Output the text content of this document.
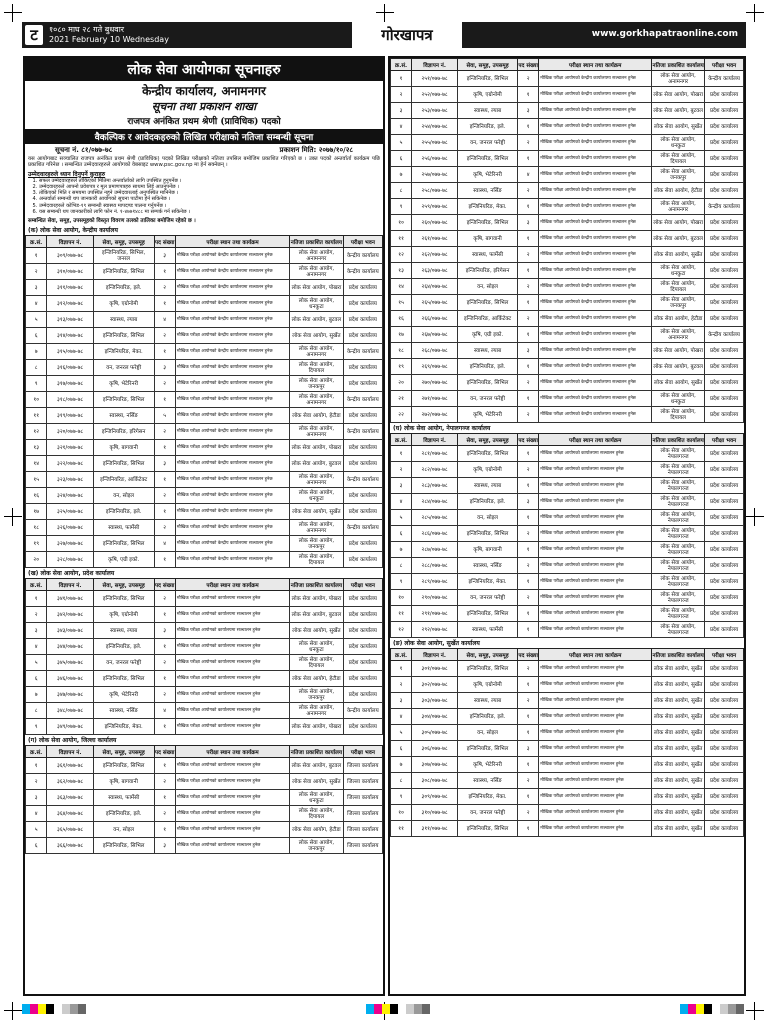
ट	१०८० माघ २८ गते बुधवार
2021 February 10 Wednesday	गोरखापत्र	www.gorkhapatraonline.com
लोक सेवा आयोगका सूचनाहरु
केन्द्रीय कार्यालय, अनामनगर
सूचना तथा प्रकाशन शाखा
राजपत्र अनंकित प्रथम श्रेणी (प्राविधिक) पदको
वैकल्पिक र आवेदकहरुको लिखित परीक्षाको नतिजा सम्बन्धी सूचना
सूचना नं. ८१/०७७-७८	प्रकाशन मिति: २०७७/१०/२८

यस आयोगबाट सञ्चालित राजपत्र अनंकित प्रथम श्रेणी (प्राविधिक) पदको लिखित परीक्षाको नतिजा तपसिल बमोजिम प्रकाशित गरिएको छ । उक्त पदको अन्तर्वार्ता कार्यक्रम पछि प्रकाशित गरिनेछ । सम्बन्धित उम्मेदवारहरुले आयोगको वेबसाइट www.psc.gov.np मा हेर्न सक्नेछन् ।

उम्मेदवारहरुले ध्यान दिनुपर्ने कुराहरु
1. सफल उम्मेदवारहरुले तोकिएको मितिमा अन्तर्वार्ताको लागि उपस्थित हुनुपर्नेछ ।
2. उम्मेदवारहरुले आफ्नो प्रवेशपत्र र मूल प्रमाणपत्रहरु साथमा लिई आउनुपर्नेछ ।
3. तोकिएको मिति र समयमा उपस्थित नहुने उम्मेदवारलाई अनुपस्थित मानिनेछ ।
4. अन्तर्वार्ता सम्बन्धी थप जानकारी आयोगको सूचना पाटीमा हेर्न सकिनेछ ।
5. उम्मेदवारहरुले कोभिड-१९ सम्बन्धी स्वास्थ्य मापदण्ड पालना गर्नुपर्नेछ ।
6. यस सम्बन्धी थप जानकारीको लागि फोन नं. १-४७७१४८८ मा सम्पर्क गर्न सकिनेछ ।
सम्बन्धित सेवा, समूह, उपसमूहको विस्तृत विवरण तलको तालिका बमोजिम रहेको छ ।
(क) लोक सेवा आयोग, केन्द्रीय कार्यालय
क्र.सं.	विज्ञापन नं.	सेवा, समूह, उपसमूह	पद संख्या	परीक्षा स्थान तथा कार्यक्रम	नतिजा प्रकाशित कार्यालय	परीक्षा भवन
१	३०९/०७७-७८	इन्जिनियरिङ, सिभिल, जनरल	३	मौखिक परीक्षा आयोगको केन्द्रीय कार्यालयमा सञ्चालन हुनेछ	लोक सेवा आयोग, अनामनगर	केन्द्रीय कार्यालय
२	३१०/०७७-७८	इन्जिनियरिङ, सिभिल	१	मौखिक परीक्षा आयोगको केन्द्रीय कार्यालयमा सञ्चालन हुनेछ	लोक सेवा आयोग, अनामनगर	केन्द्रीय कार्यालय
३	३११/०७७-७८	इन्जिनियरिङ, इले.	२	मौखिक परीक्षा आयोगको केन्द्रीय कार्यालयमा सञ्चालन हुनेछ	लोक सेवा आयोग, पोखरा	प्रदेश कार्यालय
४	३१२/०७७-७८	कृषि, एग्रोनोमी	१	मौखिक परीक्षा आयोगको केन्द्रीय कार्यालयमा सञ्चालन हुनेछ	लोक सेवा आयोग, धनकुटा	प्रदेश कार्यालय
५	३१३/०७७-७८	स्वास्थ्य, ल्याब	४	मौखिक परीक्षा आयोगको केन्द्रीय कार्यालयमा सञ्चालन हुनेछ	लोक सेवा आयोग, बुटवल	प्रदेश कार्यालय
६	३१४/०७७-७८	इन्जिनियरिङ, सिभिल	२	मौखिक परीक्षा आयोगको केन्द्रीय कार्यालयमा सञ्चालन हुनेछ	लोक सेवा आयोग, सुर्खेत	प्रदेश कार्यालय
७	३१५/०७७-७८	इन्जिनियरिङ, मेका.	१	मौखिक परीक्षा आयोगको केन्द्रीय कार्यालयमा सञ्चालन हुनेछ	लोक सेवा आयोग, अनामनगर	केन्द्रीय कार्यालय
८	३१६/०७७-७८	वन, जनरल फरेष्ट्री	३	मौखिक परीक्षा आयोगको केन्द्रीय कार्यालयमा सञ्चालन हुनेछ	लोक सेवा आयोग, दिपायल	प्रदेश कार्यालय
९	३१७/०७७-७८	कृषि, भेटेरिनरी	२	मौखिक परीक्षा आयोगको केन्द्रीय कार्यालयमा सञ्चालन हुनेछ	लोक सेवा आयोग, जनकपुर	प्रदेश कार्यालय
१०	३१८/०७७-७८	इन्जिनियरिङ, सिभिल	१	मौखिक परीक्षा आयोगको केन्द्रीय कार्यालयमा सञ्चालन हुनेछ	लोक सेवा आयोग, अनामनगर	केन्द्रीय कार्यालय
११	३१९/०७७-७८	स्वास्थ्य, नर्सिङ	५	मौखिक परीक्षा आयोगको केन्द्रीय कार्यालयमा सञ्चालन हुनेछ	लोक सेवा आयोग, हेटौडा	प्रदेश कार्यालय
१२	३२०/०७७-७८	इन्जिनियरिङ, इरिगेसन	२	मौखिक परीक्षा आयोगको केन्द्रीय कार्यालयमा सञ्चालन हुनेछ	लोक सेवा आयोग, अनामनगर	केन्द्रीय कार्यालय
१३	३२१/०७७-७८	कृषि, बागवानी	१	मौखिक परीक्षा आयोगको केन्द्रीय कार्यालयमा सञ्चालन हुनेछ	लोक सेवा आयोग, पोखरा	प्रदेश कार्यालय
१४	३२२/०७७-७८	इन्जिनियरिङ, सिभिल	३	मौखिक परीक्षा आयोगको केन्द्रीय कार्यालयमा सञ्चालन हुनेछ	लोक सेवा आयोग, बुटवल	प्रदेश कार्यालय
१५	३२३/०७७-७८	इन्जिनियरिङ, आर्किटेक्ट	१	मौखिक परीक्षा आयोगको केन्द्रीय कार्यालयमा सञ्चालन हुनेछ	लोक सेवा आयोग, अनामनगर	केन्द्रीय कार्यालय
१६	३२४/०७७-७८	वन, सोइल	२	मौखिक परीक्षा आयोगको केन्द्रीय कार्यालयमा सञ्चालन हुनेछ	लोक सेवा आयोग, धनकुटा	प्रदेश कार्यालय
१७	३२५/०७७-७८	इन्जिनियरिङ, इले.	१	मौखिक परीक्षा आयोगको केन्द्रीय कार्यालयमा सञ्चालन हुनेछ	लोक सेवा आयोग, सुर्खेत	प्रदेश कार्यालय
१८	३२६/०७७-७८	स्वास्थ्य, फार्मेसी	२	मौखिक परीक्षा आयोगको केन्द्रीय कार्यालयमा सञ्चालन हुनेछ	लोक सेवा आयोग, अनामनगर	केन्द्रीय कार्यालय
१९	३२७/०७७-७८	इन्जिनियरिङ, सिभिल	४	मौखिक परीक्षा आयोगको केन्द्रीय कार्यालयमा सञ्चालन हुनेछ	लोक सेवा आयोग, जनकपुर	प्रदेश कार्यालय
२०	३२८/०७७-७८	कृषि, एग्री इको.	१	मौखिक परीक्षा आयोगको केन्द्रीय कार्यालयमा सञ्चालन हुनेछ	लोक सेवा आयोग, दिपायल	प्रदेश कार्यालय
(ख) लोक सेवा आयोग, प्रदेश कार्यालय
क्र.सं.	विज्ञापन नं.	सेवा, समूह, उपसमूह	पद संख्या	परीक्षा स्थान तथा कार्यक्रम	नतिजा प्रकाशित कार्यालय	परीक्षा भवन
१	३४१/०७७-७८	इन्जिनियरिङ, सिभिल	२	मौखिक परीक्षा आयोगको कार्यालयमा सञ्चालन हुनेछ	लोक सेवा आयोग, पोखरा	प्रदेश कार्यालय
२	३४२/०७७-७८	कृषि, एग्रोनोमी	१	मौखिक परीक्षा आयोगको कार्यालयमा सञ्चालन हुनेछ	लोक सेवा आयोग, बुटवल	प्रदेश कार्यालय
३	३४३/०७७-७८	स्वास्थ्य, ल्याब	३	मौखिक परीक्षा आयोगको कार्यालयमा सञ्चालन हुनेछ	लोक सेवा आयोग, सुर्खेत	प्रदेश कार्यालय
४	३४४/०७७-७८	इन्जिनियरिङ, इले.	१	मौखिक परीक्षा आयोगको कार्यालयमा सञ्चालन हुनेछ	लोक सेवा आयोग, धनकुटा	प्रदेश कार्यालय
५	३४५/०७७-७८	वन, जनरल फरेष्ट्री	२	मौखिक परीक्षा आयोगको कार्यालयमा सञ्चालन हुनेछ	लोक सेवा आयोग, दिपायल	प्रदेश कार्यालय
६	३४६/०७७-७८	इन्जिनियरिङ, सिभिल	१	मौखिक परीक्षा आयोगको कार्यालयमा सञ्चालन हुनेछ	लोक सेवा आयोग, हेटौडा	प्रदेश कार्यालय
७	३४७/०७७-७८	कृषि, भेटेरिनरी	२	मौखिक परीक्षा आयोगको कार्यालयमा सञ्चालन हुनेछ	लोक सेवा आयोग, जनकपुर	प्रदेश कार्यालय
८	३४८/०७७-७८	स्वास्थ्य, नर्सिङ	४	मौखिक परीक्षा आयोगको कार्यालयमा सञ्चालन हुनेछ	लोक सेवा आयोग, अनामनगर	केन्द्रीय कार्यालय
९	३४९/०७७-७८	इन्जिनियरिङ, मेका.	१	मौखिक परीक्षा आयोगको कार्यालयमा सञ्चालन हुनेछ	लोक सेवा आयोग, पोखरा	प्रदेश कार्यालय
(ग) लोक सेवा आयोग, जिल्ला कार्यालय
क्र.सं.	विज्ञापन नं.	सेवा, समूह, उपसमूह	पद संख्या	परीक्षा स्थान तथा कार्यक्रम	नतिजा प्रकाशित कार्यालय	परीक्षा भवन
१	३६१/०७७-७८	इन्जिनियरिङ, सिभिल	१	मौखिक परीक्षा आयोगको कार्यालयमा सञ्चालन हुनेछ	लोक सेवा आयोग, बुटवल	जिल्ला कार्यालय
२	३६२/०७७-७८	कृषि, बागवानी	२	मौखिक परीक्षा आयोगको कार्यालयमा सञ्चालन हुनेछ	लोक सेवा आयोग, सुर्खेत	जिल्ला कार्यालय
३	३६३/०७७-७८	स्वास्थ्य, फार्मेसी	१	मौखिक परीक्षा आयोगको कार्यालयमा सञ्चालन हुनेछ	लोक सेवा आयोग, धनकुटा	जिल्ला कार्यालय
४	३६४/०७७-७८	इन्जिनियरिङ, इले.	२	मौखिक परीक्षा आयोगको कार्यालयमा सञ्चालन हुनेछ	लोक सेवा आयोग, दिपायल	जिल्ला कार्यालय
५	३६५/०७७-७८	वन, सोइल	१	मौखिक परीक्षा आयोगको कार्यालयमा सञ्चालन हुनेछ	लोक सेवा आयोग, हेटौडा	जिल्ला कार्यालय
६	३६६/०७७-७८	इन्जिनियरिङ, सिभिल	३	मौखिक परीक्षा आयोगको कार्यालयमा सञ्चालन हुनेछ	लोक सेवा आयोग, जनकपुर	जिल्ला कार्यालय
क्र.सं.	विज्ञापन नं.	सेवा, समूह, उपसमूह	पद संख्या	परीक्षा स्थान तथा कार्यक्रम	नतिजा प्रकाशित कार्यालय	परीक्षा भवन
१	२५१/०७७-७८	इन्जिनियरिङ, सिभिल	२	मौखिक परीक्षा आयोगको केन्द्रीय कार्यालयमा सञ्चालन हुनेछ	लोक सेवा आयोग, अनामनगर	केन्द्रीय कार्यालय
२	२५२/०७७-७८	कृषि, एग्रोनोमी	१	मौखिक परीक्षा आयोगको केन्द्रीय कार्यालयमा सञ्चालन हुनेछ	लोक सेवा आयोग, पोखरा	प्रदेश कार्यालय
३	२५३/०७७-७८	स्वास्थ्य, ल्याब	३	मौखिक परीक्षा आयोगको केन्द्रीय कार्यालयमा सञ्चालन हुनेछ	लोक सेवा आयोग, बुटवल	प्रदेश कार्यालय
४	२५४/०७७-७८	इन्जिनियरिङ, इले.	१	मौखिक परीक्षा आयोगको केन्द्रीय कार्यालयमा सञ्चालन हुनेछ	लोक सेवा आयोग, सुर्खेत	प्रदेश कार्यालय
५	२५५/०७७-७८	वन, जनरल फरेष्ट्री	२	मौखिक परीक्षा आयोगको केन्द्रीय कार्यालयमा सञ्चालन हुनेछ	लोक सेवा आयोग, धनकुटा	प्रदेश कार्यालय
६	२५६/०७७-७८	इन्जिनियरिङ, सिभिल	१	मौखिक परीक्षा आयोगको केन्द्रीय कार्यालयमा सञ्चालन हुनेछ	लोक सेवा आयोग, दिपायल	प्रदेश कार्यालय
७	२५७/०७७-७८	कृषि, भेटेरिनरी	४	मौखिक परीक्षा आयोगको केन्द्रीय कार्यालयमा सञ्चालन हुनेछ	लोक सेवा आयोग, जनकपुर	प्रदेश कार्यालय
८	२५८/०७७-७८	स्वास्थ्य, नर्सिङ	२	मौखिक परीक्षा आयोगको केन्द्रीय कार्यालयमा सञ्चालन हुनेछ	लोक सेवा आयोग, हेटौडा	प्रदेश कार्यालय
९	२५९/०७७-७८	इन्जिनियरिङ, मेका.	१	मौखिक परीक्षा आयोगको केन्द्रीय कार्यालयमा सञ्चालन हुनेछ	लोक सेवा आयोग, अनामनगर	केन्द्रीय कार्यालय
१०	२६०/०७७-७८	इन्जिनियरिङ, सिभिल	३	मौखिक परीक्षा आयोगको केन्द्रीय कार्यालयमा सञ्चालन हुनेछ	लोक सेवा आयोग, पोखरा	प्रदेश कार्यालय
११	२६१/०७७-७८	कृषि, बागवानी	१	मौखिक परीक्षा आयोगको केन्द्रीय कार्यालयमा सञ्चालन हुनेछ	लोक सेवा आयोग, बुटवल	प्रदेश कार्यालय
१२	२६२/०७७-७८	स्वास्थ्य, फार्मेसी	२	मौखिक परीक्षा आयोगको केन्द्रीय कार्यालयमा सञ्चालन हुनेछ	लोक सेवा आयोग, सुर्खेत	प्रदेश कार्यालय
१३	२६३/०७७-७८	इन्जिनियरिङ, इरिगेसन	१	मौखिक परीक्षा आयोगको केन्द्रीय कार्यालयमा सञ्चालन हुनेछ	लोक सेवा आयोग, धनकुटा	प्रदेश कार्यालय
१४	२६४/०७७-७८	वन, सोइल	२	मौखिक परीक्षा आयोगको केन्द्रीय कार्यालयमा सञ्चालन हुनेछ	लोक सेवा आयोग, दिपायल	प्रदेश कार्यालय
१५	२६५/०७७-७८	इन्जिनियरिङ, सिभिल	१	मौखिक परीक्षा आयोगको केन्द्रीय कार्यालयमा सञ्चालन हुनेछ	लोक सेवा आयोग, जनकपुर	प्रदेश कार्यालय
१६	२६६/०७७-७८	इन्जिनियरिङ, आर्किटेक्ट	२	मौखिक परीक्षा आयोगको केन्द्रीय कार्यालयमा सञ्चालन हुनेछ	लोक सेवा आयोग, हेटौडा	प्रदेश कार्यालय
१७	२६७/०७७-७८	कृषि, एग्री इको.	१	मौखिक परीक्षा आयोगको केन्द्रीय कार्यालयमा सञ्चालन हुनेछ	लोक सेवा आयोग, अनामनगर	केन्द्रीय कार्यालय
१८	२६८/०७७-७८	स्वास्थ्य, ल्याब	३	मौखिक परीक्षा आयोगको केन्द्रीय कार्यालयमा सञ्चालन हुनेछ	लोक सेवा आयोग, पोखरा	प्रदेश कार्यालय
१९	२६९/०७७-७८	इन्जिनियरिङ, इले.	१	मौखिक परीक्षा आयोगको केन्द्रीय कार्यालयमा सञ्चालन हुनेछ	लोक सेवा आयोग, बुटवल	प्रदेश कार्यालय
२०	२७०/०७७-७८	इन्जिनियरिङ, सिभिल	२	मौखिक परीक्षा आयोगको केन्द्रीय कार्यालयमा सञ्चालन हुनेछ	लोक सेवा आयोग, सुर्खेत	प्रदेश कार्यालय
२१	२७१/०७७-७८	वन, जनरल फरेष्ट्री	१	मौखिक परीक्षा आयोगको केन्द्रीय कार्यालयमा सञ्चालन हुनेछ	लोक सेवा आयोग, धनकुटा	प्रदेश कार्यालय
२२	२७२/०७७-७८	कृषि, भेटेरिनरी	२	मौखिक परीक्षा आयोगको केन्द्रीय कार्यालयमा सञ्चालन हुनेछ	लोक सेवा आयोग, दिपायल	प्रदेश कार्यालय
(घ) लोक सेवा आयोग, नेपालगञ्ज कार्यालय
क्र.सं.	विज्ञापन नं.	सेवा, समूह, उपसमूह	पद संख्या	परीक्षा स्थान तथा कार्यक्रम	नतिजा प्रकाशित कार्यालय	परीक्षा भवन
१	२८१/०७७-७८	इन्जिनियरिङ, सिभिल	१	मौखिक परीक्षा आयोगको कार्यालयमा सञ्चालन हुनेछ	लोक सेवा आयोग, नेपालगञ्ज	प्रदेश कार्यालय
२	२८२/०७७-७८	कृषि, एग्रोनोमी	२	मौखिक परीक्षा आयोगको कार्यालयमा सञ्चालन हुनेछ	लोक सेवा आयोग, नेपालगञ्ज	प्रदेश कार्यालय
३	२८३/०७७-७८	स्वास्थ्य, ल्याब	१	मौखिक परीक्षा आयोगको कार्यालयमा सञ्चालन हुनेछ	लोक सेवा आयोग, नेपालगञ्ज	प्रदेश कार्यालय
४	२८४/०७७-७८	इन्जिनियरिङ, इले.	३	मौखिक परीक्षा आयोगको कार्यालयमा सञ्चालन हुनेछ	लोक सेवा आयोग, नेपालगञ्ज	प्रदेश कार्यालय
५	२८५/०७७-७८	वन, सोइल	१	मौखिक परीक्षा आयोगको कार्यालयमा सञ्चालन हुनेछ	लोक सेवा आयोग, नेपालगञ्ज	प्रदेश कार्यालय
६	२८६/०७७-७८	इन्जिनियरिङ, सिभिल	२	मौखिक परीक्षा आयोगको कार्यालयमा सञ्चालन हुनेछ	लोक सेवा आयोग, नेपालगञ्ज	प्रदेश कार्यालय
७	२८७/०७७-७८	कृषि, बागवानी	१	मौखिक परीक्षा आयोगको कार्यालयमा सञ्चालन हुनेछ	लोक सेवा आयोग, नेपालगञ्ज	प्रदेश कार्यालय
८	२८८/०७७-७८	स्वास्थ्य, नर्सिङ	२	मौखिक परीक्षा आयोगको कार्यालयमा सञ्चालन हुनेछ	लोक सेवा आयोग, नेपालगञ्ज	प्रदेश कार्यालय
९	२८९/०७७-७८	इन्जिनियरिङ, मेका.	१	मौखिक परीक्षा आयोगको कार्यालयमा सञ्चालन हुनेछ	लोक सेवा आयोग, नेपालगञ्ज	प्रदेश कार्यालय
१०	२९०/०७७-७८	वन, जनरल फरेष्ट्री	२	मौखिक परीक्षा आयोगको कार्यालयमा सञ्चालन हुनेछ	लोक सेवा आयोग, नेपालगञ्ज	प्रदेश कार्यालय
११	२९१/०७७-७८	इन्जिनियरिङ, सिभिल	१	मौखिक परीक्षा आयोगको कार्यालयमा सञ्चालन हुनेछ	लोक सेवा आयोग, नेपालगञ्ज	प्रदेश कार्यालय
१२	२९२/०७७-७८	स्वास्थ्य, फार्मेसी	१	मौखिक परीक्षा आयोगको कार्यालयमा सञ्चालन हुनेछ	लोक सेवा आयोग, नेपालगञ्ज	प्रदेश कार्यालय
(ङ) लोक सेवा आयोग, सुर्खेत कार्यालय
क्र.सं.	विज्ञापन नं.	सेवा, समूह, उपसमूह	पद संख्या	परीक्षा स्थान तथा कार्यक्रम	नतिजा प्रकाशित कार्यालय	परीक्षा भवन
१	३०१/०७७-७८	इन्जिनियरिङ, सिभिल	२	मौखिक परीक्षा आयोगको कार्यालयमा सञ्चालन हुनेछ	लोक सेवा आयोग, सुर्खेत	प्रदेश कार्यालय
२	३०२/०७७-७८	कृषि, एग्रोनोमी	१	मौखिक परीक्षा आयोगको कार्यालयमा सञ्चालन हुनेछ	लोक सेवा आयोग, सुर्खेत	प्रदेश कार्यालय
३	३०३/०७७-७८	स्वास्थ्य, ल्याब	२	मौखिक परीक्षा आयोगको कार्यालयमा सञ्चालन हुनेछ	लोक सेवा आयोग, सुर्खेत	प्रदेश कार्यालय
४	३०४/०७७-७८	इन्जिनियरिङ, इले.	१	मौखिक परीक्षा आयोगको कार्यालयमा सञ्चालन हुनेछ	लोक सेवा आयोग, सुर्खेत	प्रदेश कार्यालय
५	३०५/०७७-७८	वन, सोइल	१	मौखिक परीक्षा आयोगको कार्यालयमा सञ्चालन हुनेछ	लोक सेवा आयोग, सुर्खेत	प्रदेश कार्यालय
६	३०६/०७७-७८	इन्जिनियरिङ, सिभिल	३	मौखिक परीक्षा आयोगको कार्यालयमा सञ्चालन हुनेछ	लोक सेवा आयोग, सुर्खेत	प्रदेश कार्यालय
७	३०७/०७७-७८	कृषि, भेटेरिनरी	१	मौखिक परीक्षा आयोगको कार्यालयमा सञ्चालन हुनेछ	लोक सेवा आयोग, सुर्खेत	प्रदेश कार्यालय
८	३०८/०७७-७८	स्वास्थ्य, नर्सिङ	२	मौखिक परीक्षा आयोगको कार्यालयमा सञ्चालन हुनेछ	लोक सेवा आयोग, सुर्खेत	प्रदेश कार्यालय
९	३०९/०७७-७८	इन्जिनियरिङ, मेका.	१	मौखिक परीक्षा आयोगको कार्यालयमा सञ्चालन हुनेछ	लोक सेवा आयोग, सुर्खेत	प्रदेश कार्यालय
१०	३१०/०७७-७८	वन, जनरल फरेष्ट्री	२	मौखिक परीक्षा आयोगको कार्यालयमा सञ्चालन हुनेछ	लोक सेवा आयोग, सुर्खेत	प्रदेश कार्यालय
११	३११/०७७-७८	इन्जिनियरिङ, सिभिल	१	मौखिक परीक्षा आयोगको कार्यालयमा सञ्चालन हुनेछ	लोक सेवा आयोग, सुर्खेत	प्रदेश कार्यालय
